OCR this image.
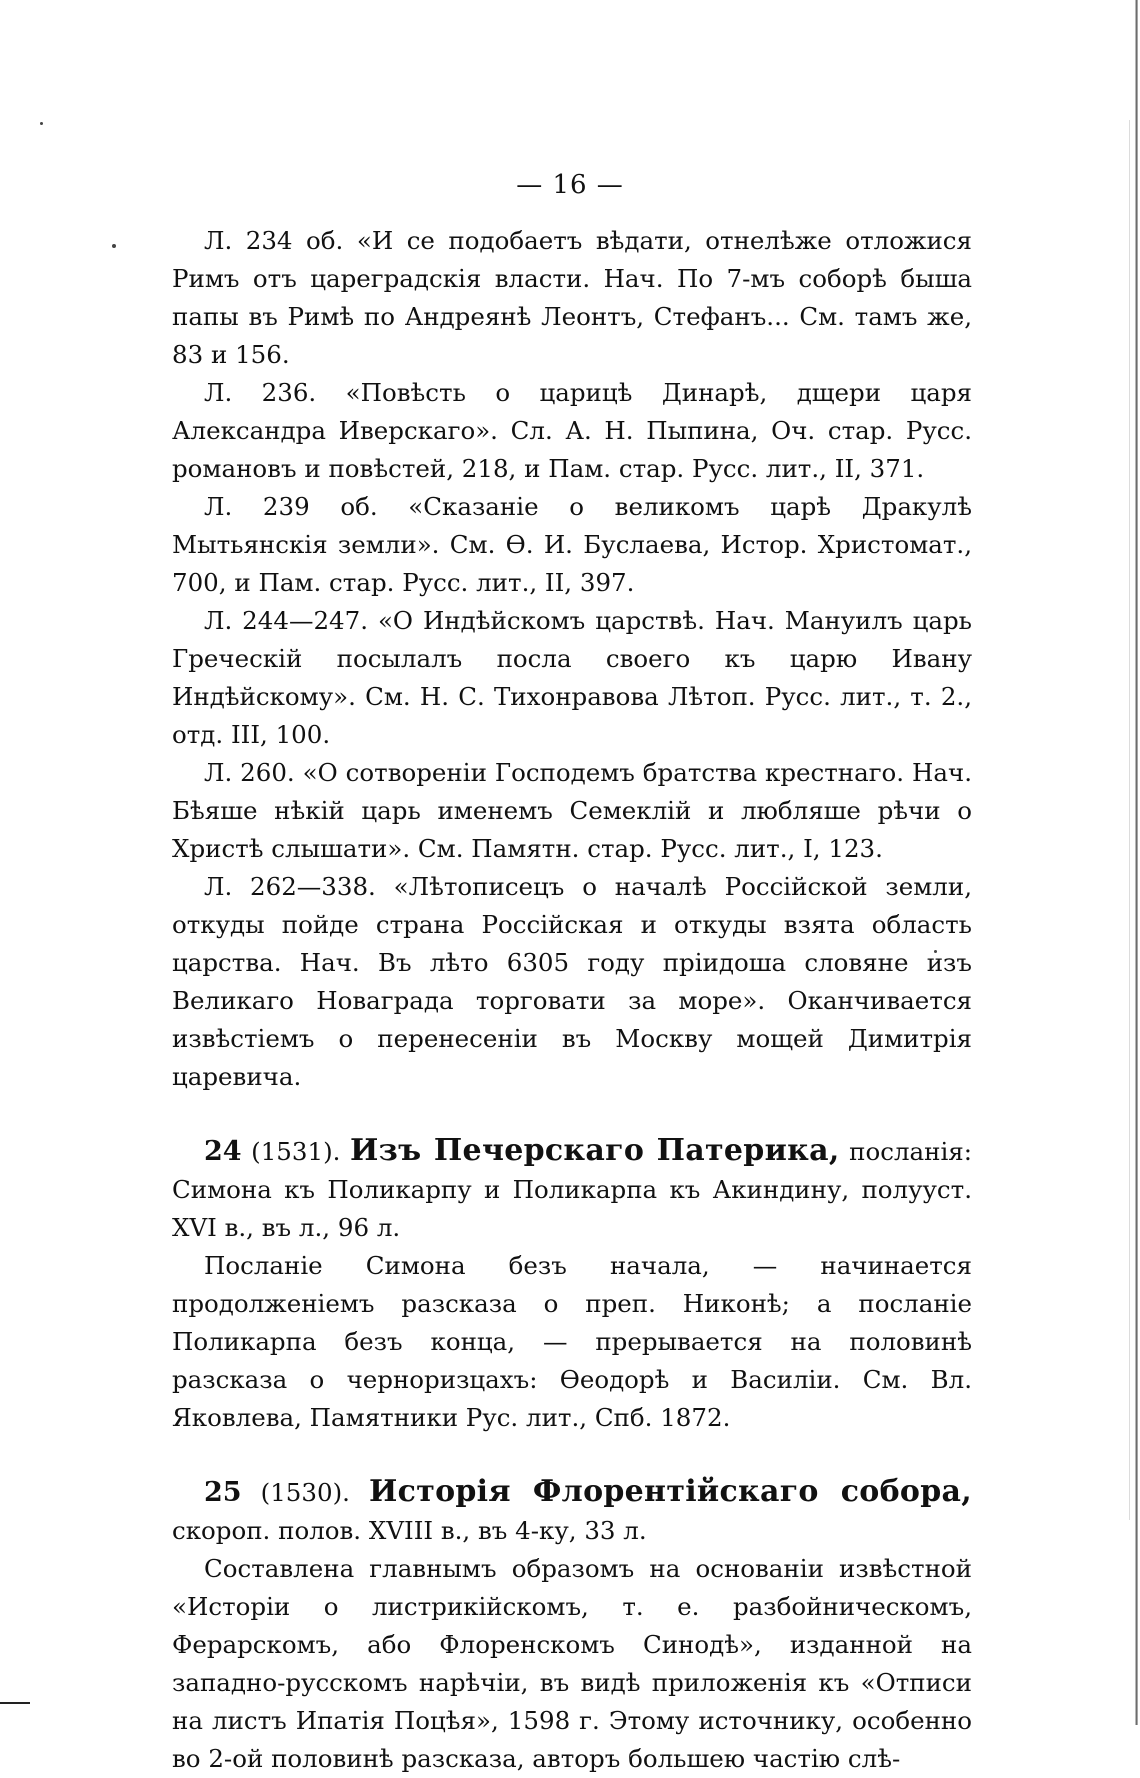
— 16 —

Л. 234 об. «И се подобаетъ вѣдати, отнелѣже отложися Римъ отъ цареградскія власти. Нач. По 7-мъ соборѣ быша папы въ Римѣ по Андреянѣ Леонтъ, Стефанъ... См. тамъ же, 83 и 156.

Л. 236. «Повѣсть о царицѣ Динарѣ, дщери царя Александра Иверскаго». Сл. А. Н. Пыпина, Оч. стар. Русс. романовъ и повѣстей, 218, и Пам. стар. Русс. лит., II, 371.

Л. 239 об. «Сказаніе о великомъ царѣ Дракулѣ Мытьянскія земли». См. Ѳ. И. Буслаева, Истор. Христомат., 700, и Пам. стар. Русс. лит., II, 397.

Л. 244—247. «О Индѣйскомъ царствѣ. Нач. Мануилъ царь Греческій посылалъ посла своего къ царю Ивану Индѣйскому». См. Н. С. Тихонравова Лѣтоп. Русс. лит., т. 2., отд. III, 100.

Л. 260. «О сотвореніи Господемъ братства крестнаго. Нач. Бѣяше нѣкій царь именемъ Семеклій и любляше рѣчи о Христѣ слышати». См. Памятн. стар. Русс. лит., I, 123.

Л. 262—338. «Лѣтописецъ о началѣ Россійской земли, откуды пойде страна Россійская и откуды взята область царства. Нач. Въ лѣто 6305 году пріидоша словяне изъ Великаго Новаграда торговати за море». Оканчивается извѣстіемъ о перенесеніи въ Москву мощей Димитрія царевича.

24 (1531). Изъ Печерскаго Патерика, посланія: Симона къ Поликарпу и Поликарпа къ Акиндину, полууст. XVI в., въ л., 96 л.

Посланіе Симона безъ начала, — начинается продолженіемъ разсказа о преп. Никонѣ; а посланіе Поликарпа безъ конца, — прерывается на половинѣ разсказа о черноризцахъ: Ѳеодорѣ и Василіи. См. Вл. Яковлева, Памятники Рус. лит., Спб. 1872.

25 (1530). Исторія Флорентійскаго собора, скороп. полов. XVIII в., въ 4-ку, 33 л.

Составлена главнымъ образомъ на основаніи извѣстной «Исторіи о листрикійскомъ, т. е. разбойническомъ, Ферарскомъ, або Флоренскомъ Синодѣ», изданной на западно-русскомъ нарѣчіи, въ видѣ приложенія къ «Отписи на листъ Ипатія Поцѣя», 1598 г. Этому источнику, особенно во 2-ой половинѣ разсказа, авторъ большею частію слѣ-
